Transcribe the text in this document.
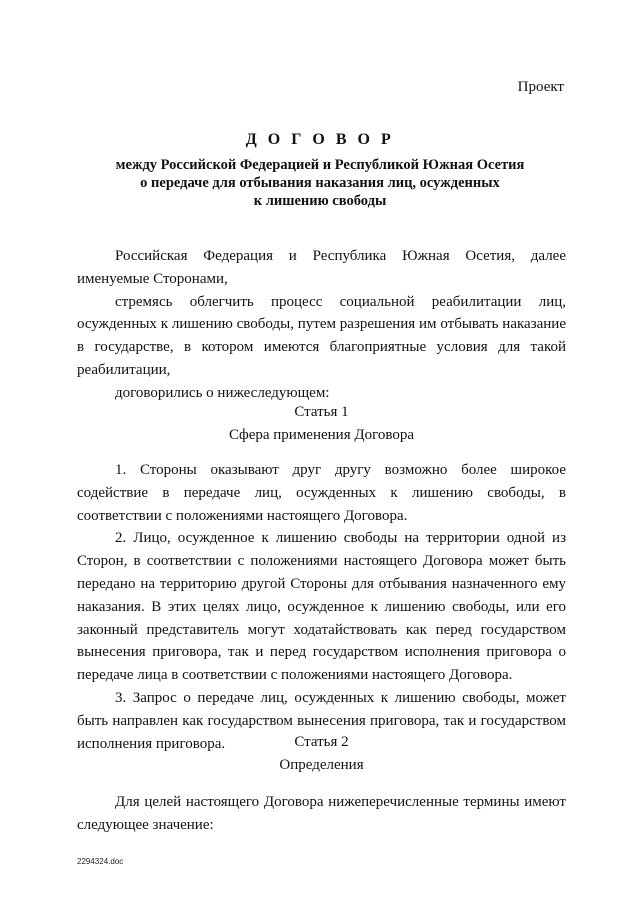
Проект
Д О Г О В О Р
между Российской Федерацией и Республикой Южная Осетия
о передаче для отбывания наказания лиц, осужденных
к лишению свободы

Российская Федерация и Республика Южная Осетия, далее именуемые Сторонами,

стремясь облегчить процесс социальной реабилитации лиц, осужденных к лишению свободы, путем разрешения им отбывать наказание в государстве, в котором имеются благоприятные условия для такой реабилитации,

договорились о нижеследующем:

Статья 1

Сфера применения Договора

1. Стороны оказывают друг другу возможно более широкое содействие в передаче лиц, осужденных к лишению свободы, в соответствии с положениями настоящего Договора.

2. Лицо, осужденное к лишению свободы на территории одной из Сторон, в соответствии с положениями настоящего Договора может быть передано на территорию другой Стороны для отбывания назначенного ему наказания. В этих целях лицо, осужденное к лишению свободы, или его законный представитель могут ходатайствовать как перед государством вынесения приговора, так и перед государством исполнения приговора о передаче лица в соответствии с положениями настоящего Договора.

3. Запрос о передаче лиц, осужденных к лишению свободы, может быть направлен как государством вынесения приговора, так и государством исполнения приговора.	Статья 2

Определения

Для целей настоящего Договора нижеперечисленные термины имеют следующее значение:

2294324.doc
